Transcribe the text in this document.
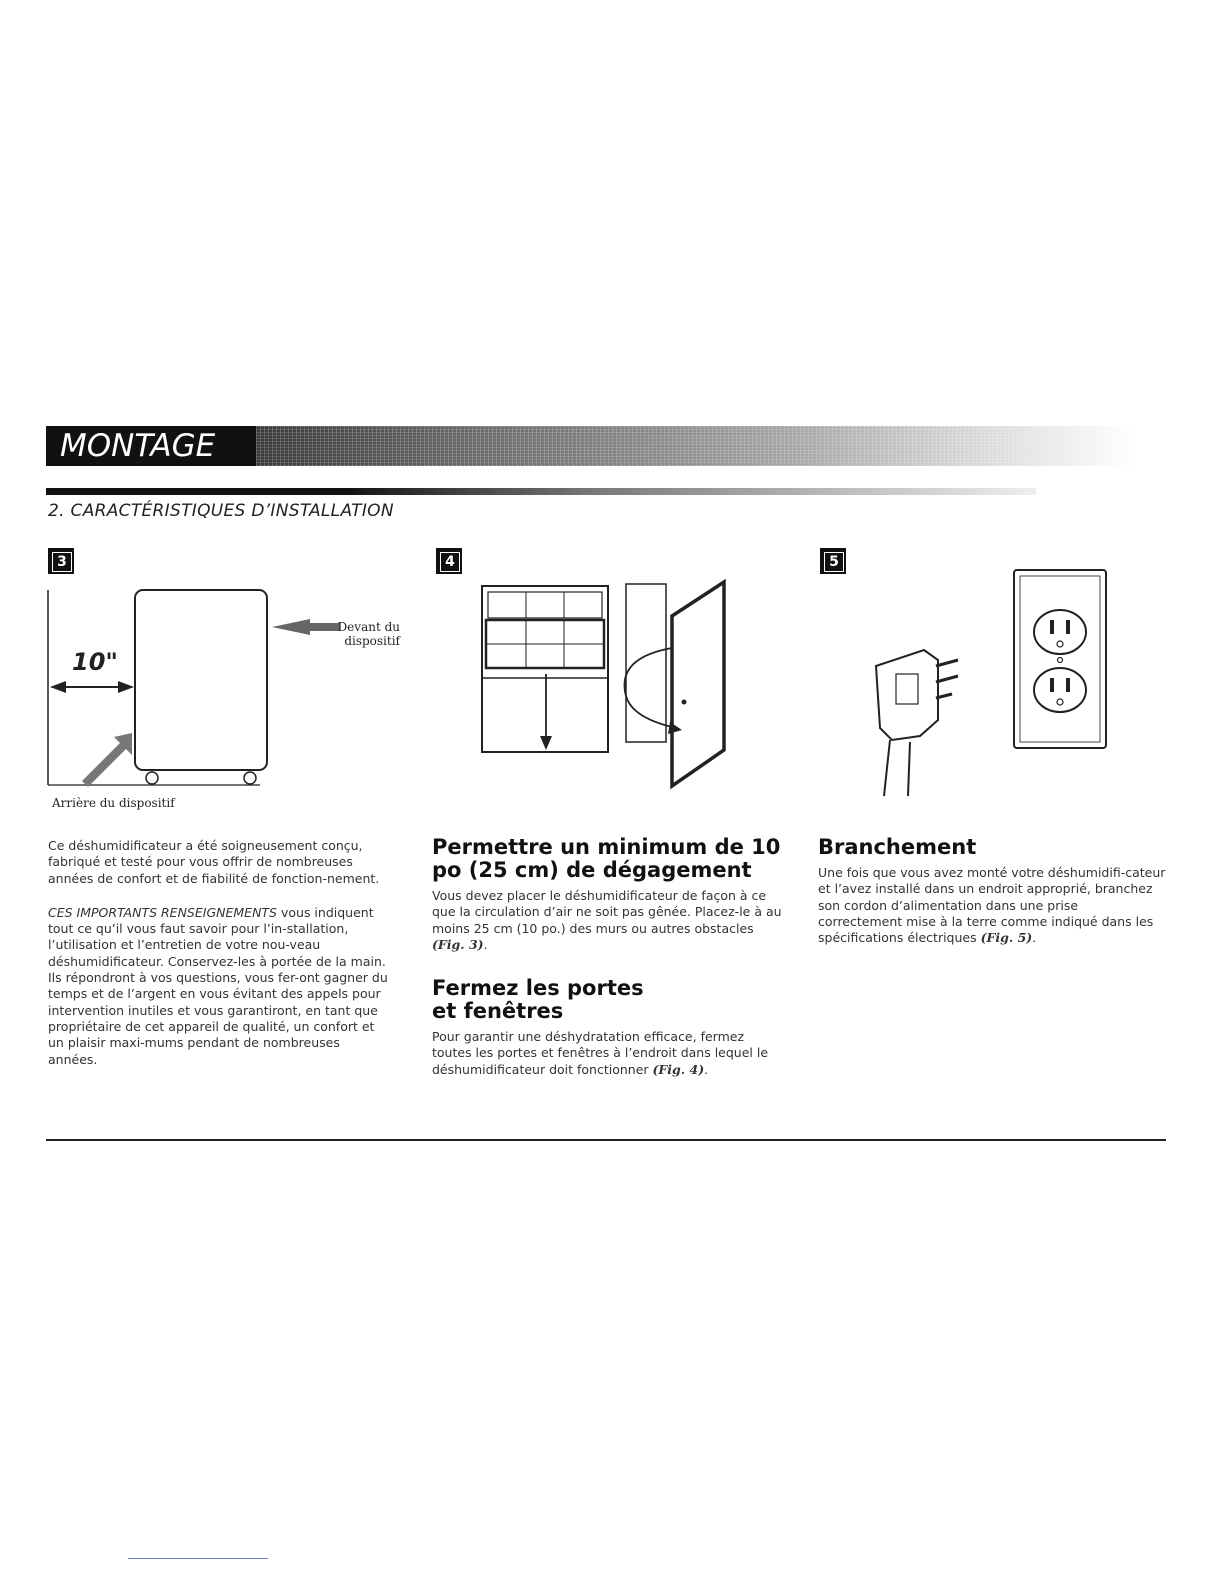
MONTAGE
2. CARACTÉRISTIQUES D’INSTALLATION
3	4	5
10"
Devant du
dispositif
Arrière du dispositif

Ce déshumidificateur a été soigneusement conçu, fabriqué et testé pour vous offrir de nombreuses années de confort et de fiabilité de fonction-nement.

CES IMPORTANTS RENSEIGNEMENTS vous indiquent tout ce qu’il vous faut savoir pour l’in-stallation, l’utilisation et l’entretien de votre nou-veau déshumidificateur. Conservez-les à portée de la main. Ils répondront à vos questions, vous fer-ont gagner du temps et de l’argent en vous évitant des appels pour intervention inutiles et vous garantiront, en tant que propriétaire de cet appareil de qualité, un confort et un plaisir maxi-mums pendant de nombreuses années.

Permettre un minimum de 10 po (25 cm) de dégagement

Vous devez placer le déshumidificateur de façon à ce que la circulation d’air ne soit pas gênée. Placez-le à au moins 25 cm (10 po.) des murs ou autres obstacles (Fig. 3).

Fermez les portes
et fenêtres

Pour garantir une déshydratation efficace, fermez toutes les portes et fenêtres à l’endroit dans lequel le déshumidificateur doit fonctionner (Fig. 4).

Branchement

Une fois que vous avez monté votre déshumidifi-cateur et l’avez installé dans un endroit approprié, branchez son cordon d’alimentation dans une prise correctement mise à la terre comme indiqué dans les spécifications électriques (Fig. 5).
